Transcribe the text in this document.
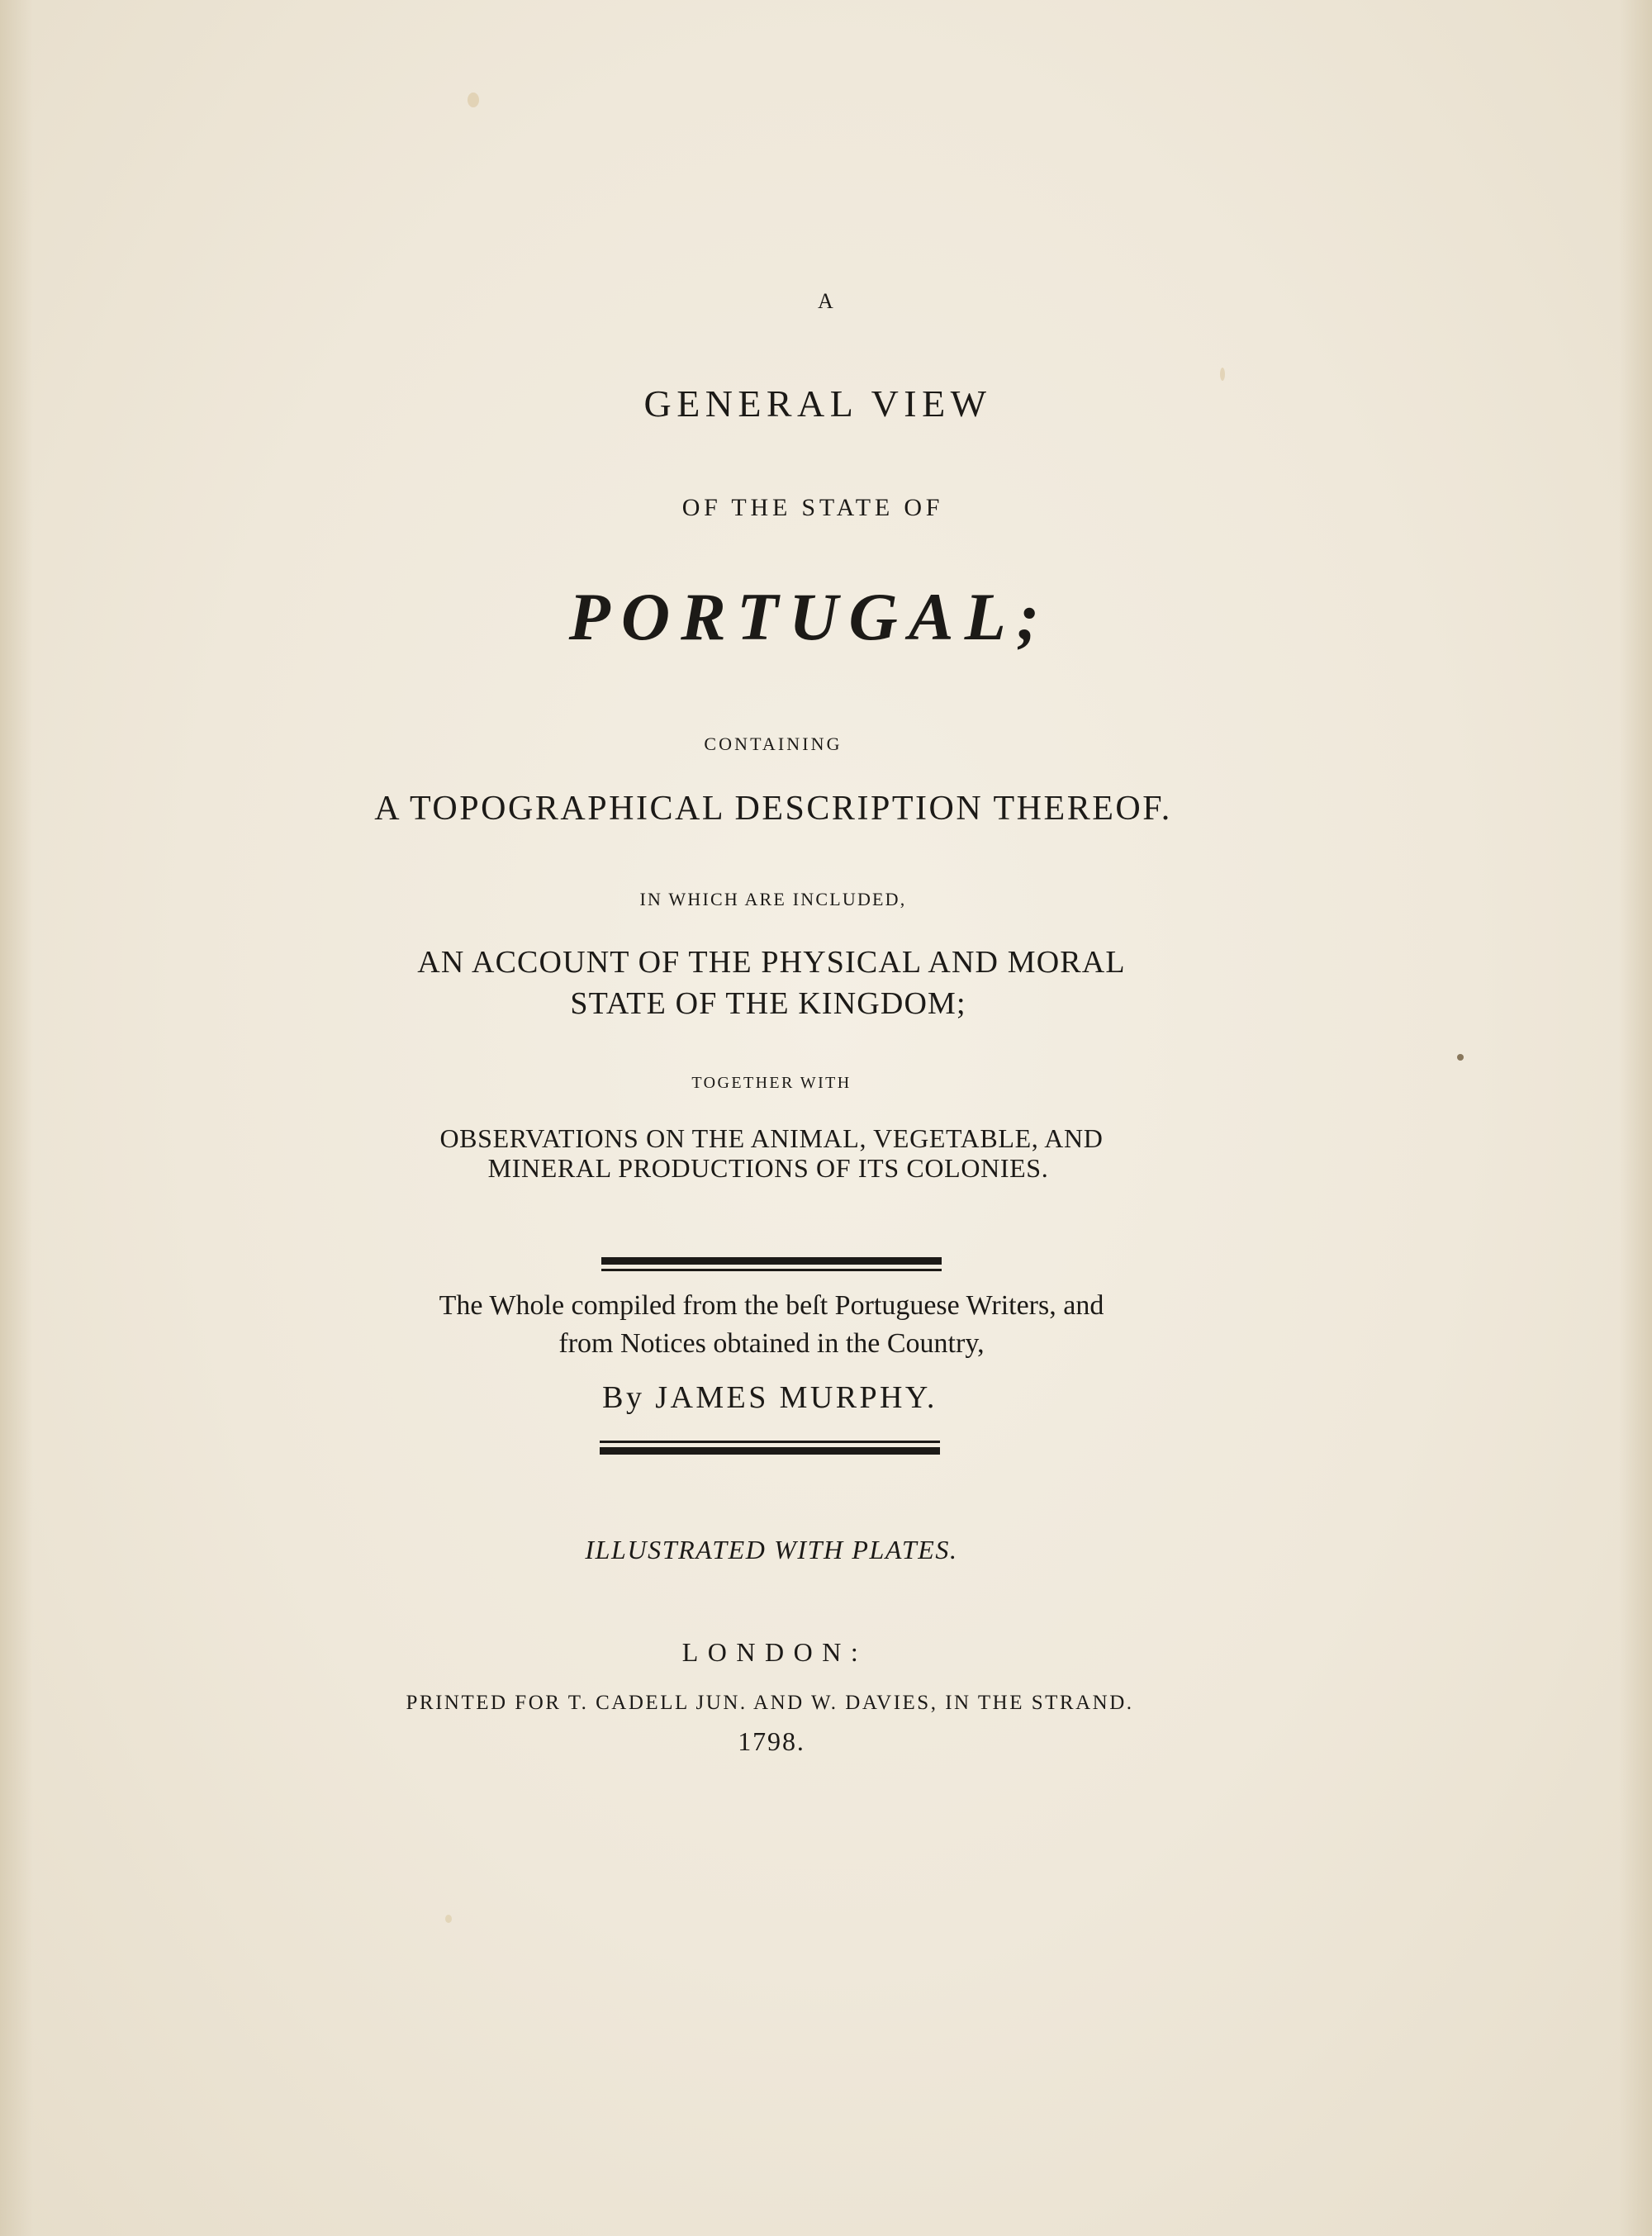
A
GENERAL VIEW
OF THE STATE OF
PORTUGAL;
CONTAINING
A TOPOGRAPHICAL DESCRIPTION THEREOF.
IN WHICH ARE INCLUDED,
AN ACCOUNT OF THE PHYSICAL AND MORAL
STATE OF THE KINGDOM;
TOGETHER WITH
OBSERVATIONS ON THE ANIMAL, VEGETABLE, AND
MINERAL PRODUCTIONS OF ITS COLONIES.
The Whole compiled from the beſt Portuguese Writers, and
from Notices obtained in the Country,
By JAMES MURPHY.
ILLUSTRATED WITH PLATES.
LONDON:
PRINTED FOR T. CADELL JUN. AND W. DAVIES, IN THE STRAND.
1798.
